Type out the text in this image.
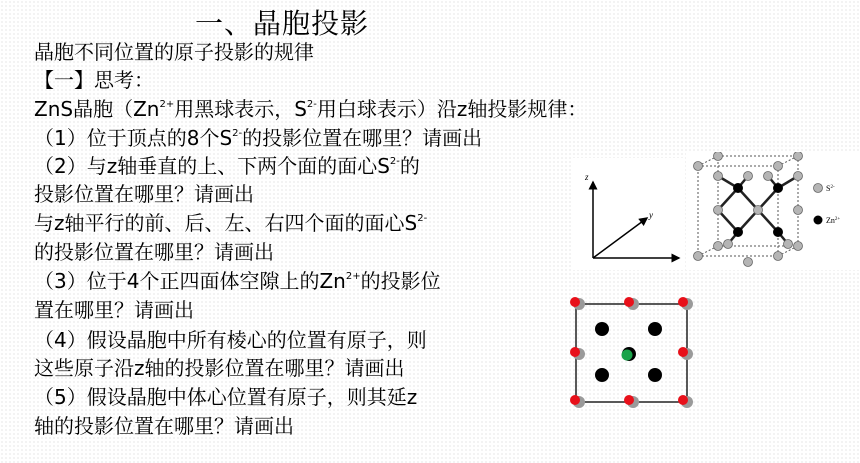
一、晶胞投影
晶胞不同位置的原子投影的规律
【一】思考：
ZnS晶胞（$Zn^{2+}$用黑球表示，$S^{2-}$用白球表示）沿z轴投影规律：
（1）位于顶点的8个$S^{2-}$的投影位置在哪里？请画出
（2）与z轴垂直的上、下两个面的面心$S^{2-}$的
投影位置在哪里？请画出
与z轴平行的前、后、左、右四个面的面心$S^{2-}$
的投影位置在哪里？请画出
（3）位于4个正四面体空隙上的$Zn^{2+}$的投影位
置在哪里？请画出
（4）假设晶胞中所有棱心的位置有原子，则
这些原子沿z轴的投影位置在哪里？请画出
（5）假设晶胞中体心位置有原子，则其延z
轴的投影位置在哪里？请画出
z
y
$S^{2-}$
$Zn^{2+}$
